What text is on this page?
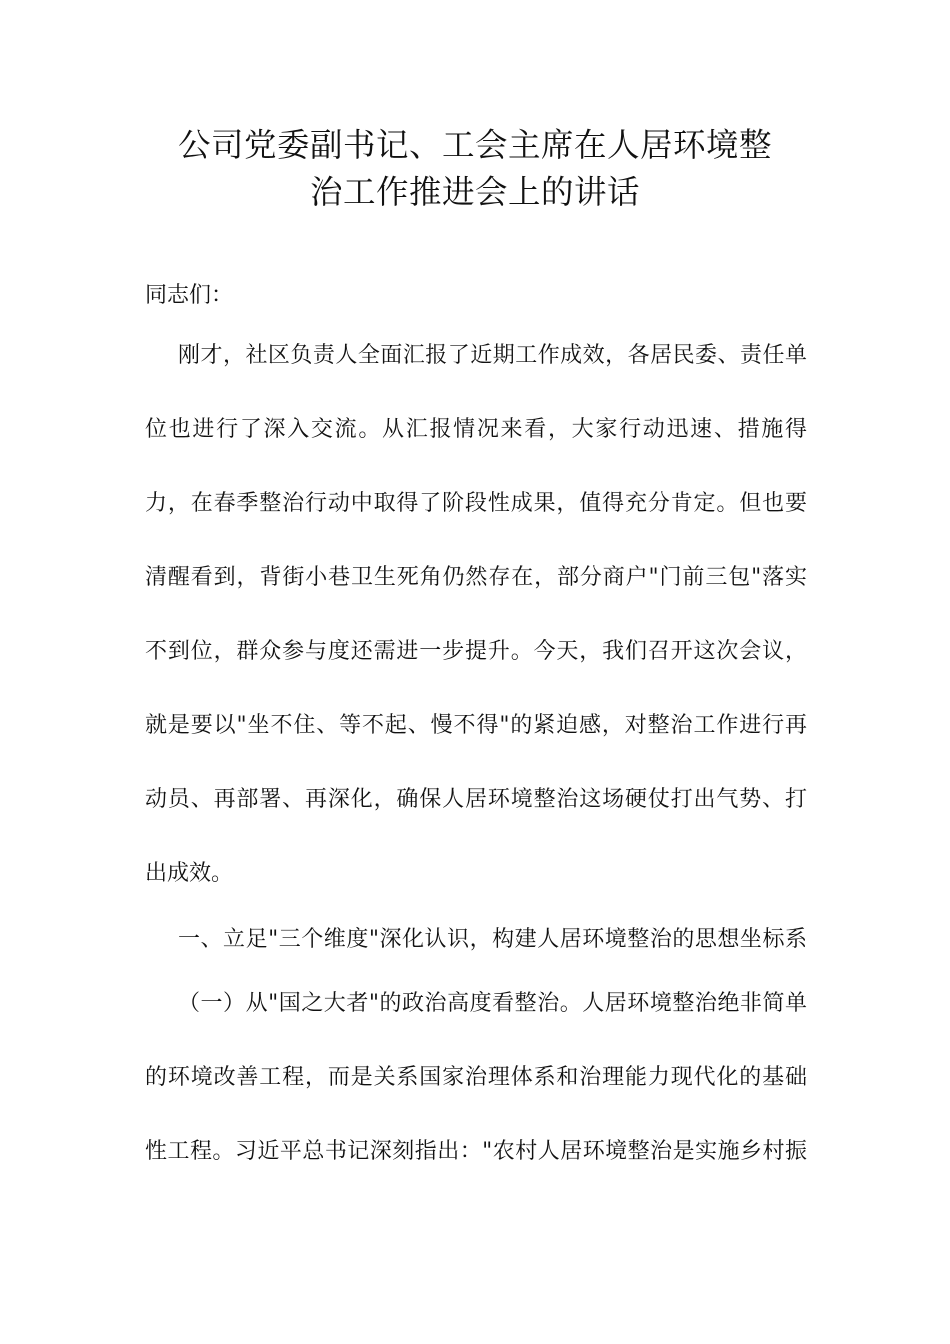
公司党委副书记、工会主席在人居环境整
治工作推进会上的讲话
同志们：
刚才，社区负责人全面汇报了近期工作成效，各居民委、责任单
位也进行了深入交流。从汇报情况来看，大家行动迅速、措施得
力，在春季整治行动中取得了阶段性成果，值得充分肯定。但也要
清醒看到，背街小巷卫生死角仍然存在，部分商户"门前三包"落实
不到位，群众参与度还需进一步提升。今天，我们召开这次会议，
就是要以"坐不住、等不起、慢不得"的紧迫感，对整治工作进行再
动员、再部署、再深化，确保人居环境整治这场硬仗打出气势、打
出成效。
一、立足"三个维度"深化认识，构建人居环境整治的思想坐标系
（一）从"国之大者"的政治高度看整治。人居环境整治绝非简单
的环境改善工程，而是关系国家治理体系和治理能力现代化的基础
性工程。习近平总书记深刻指出："农村人居环境整治是实施乡村振
